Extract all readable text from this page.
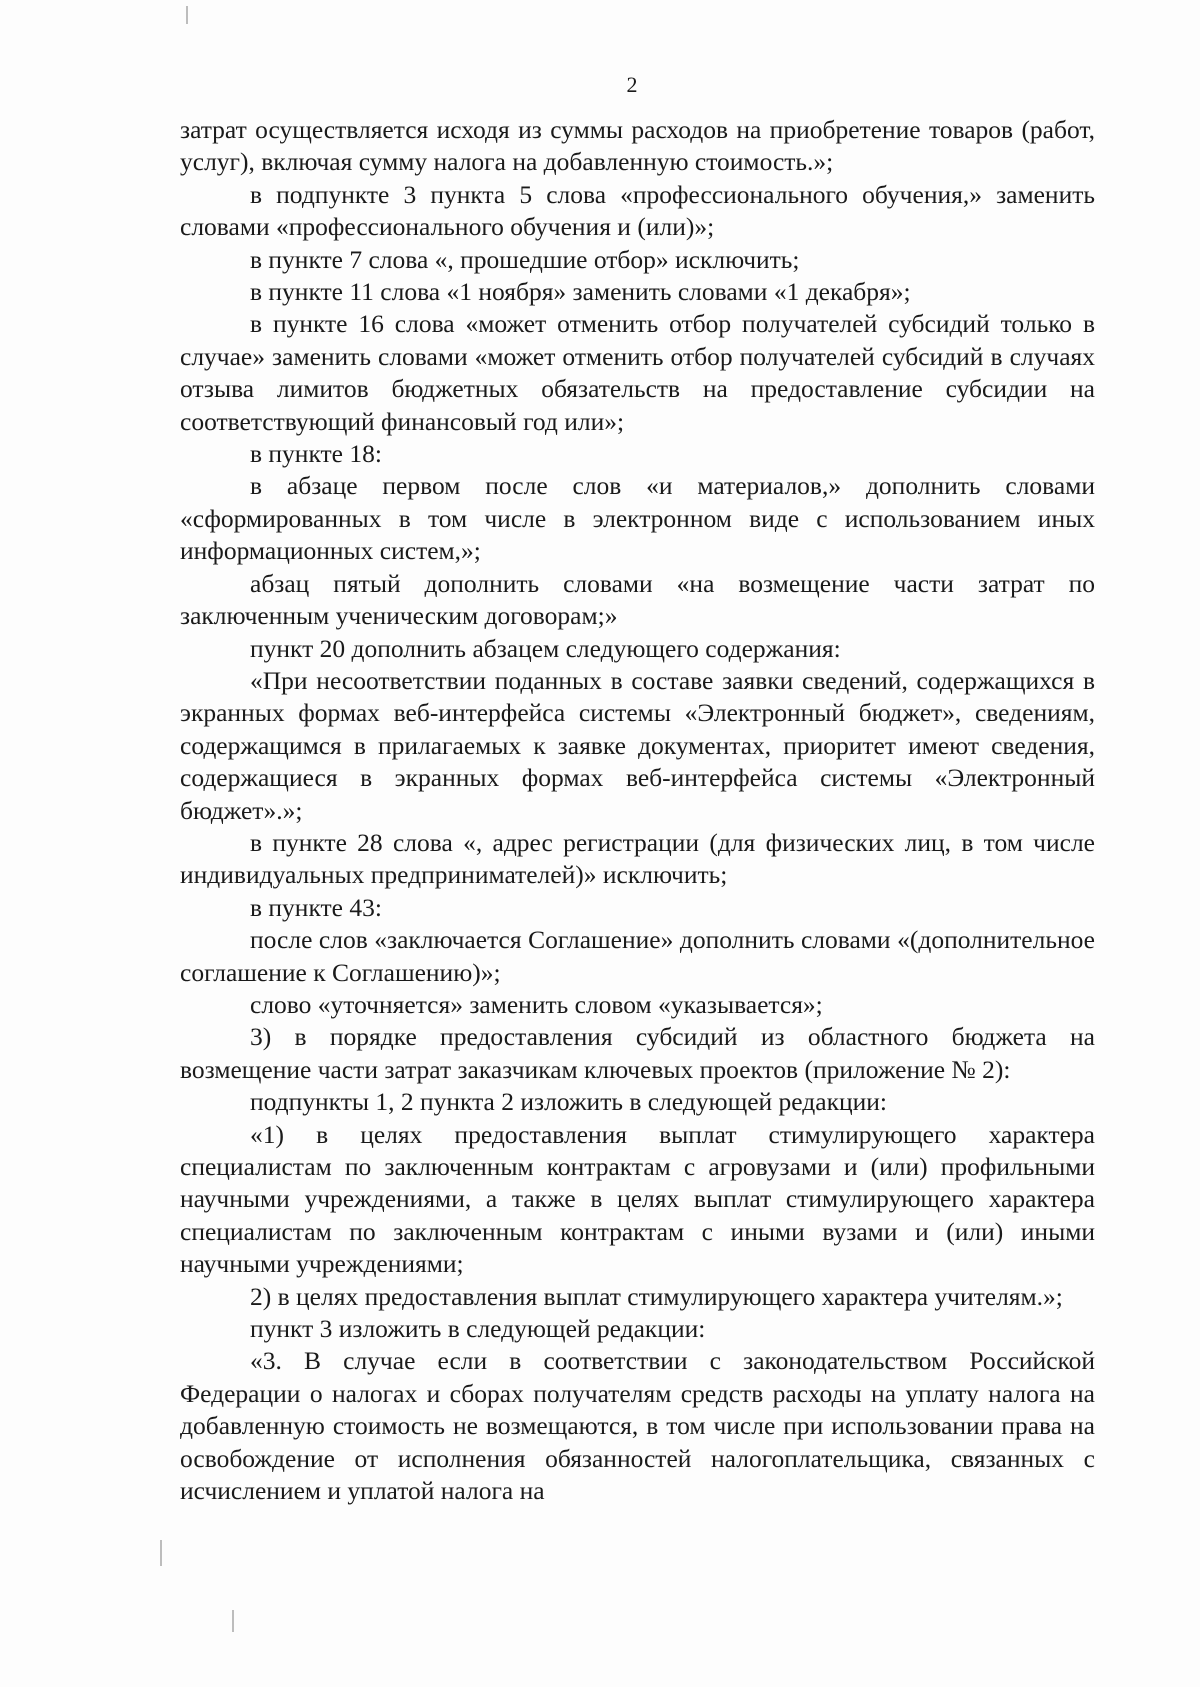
2

затрат осуществляется исходя из суммы расходов на приобретение товаров (работ, услуг), включая сумму налога на добавленную стоимость.»;

в подпункте 3 пункта 5 слова «профессионального обучения,» заменить словами «профессионального обучения и (или)»;

в пункте 7 слова «, прошедшие отбор» исключить;

в пункте 11 слова «1 ноября» заменить словами «1 декабря»;

в пункте 16 слова «может отменить отбор получателей субсидий только в случае» заменить словами «может отменить отбор получателей субсидий в случаях отзыва лимитов бюджетных обязательств на предоставление субсидии на соответствующий финансовый год или»;

в пункте 18:

в абзаце первом после слов «и материалов,» дополнить словами «сформированных в том числе в электронном виде с использованием иных информационных систем,»;

абзац пятый дополнить словами «на возмещение части затрат по заключенным ученическим договорам;»

пункт 20 дополнить абзацем следующего содержания:

«При несоответствии поданных в составе заявки сведений, содержащихся в экранных формах веб-интерфейса системы «Электронный бюджет», сведениям, содержащимся в прилагаемых к заявке документах, приоритет имеют сведения, содержащиеся в экранных формах веб-интерфейса системы «Электронный бюджет».»;

в пункте 28 слова «, адрес регистрации (для физических лиц, в том числе индивидуальных предпринимателей)» исключить;

в пункте 43:

после слов «заключается Соглашение» дополнить словами «(дополнительное соглашение к Соглашению)»;

слово «уточняется» заменить словом «указывается»;

3) в порядке предоставления субсидий из областного бюджета на возмещение части затрат заказчикам ключевых проектов (приложение № 2):

подпункты 1, 2 пункта 2 изложить в следующей редакции:

«1) в целях предоставления выплат стимулирующего характера специалистам по заключенным контрактам с агровузами и (или) профильными научными учреждениями, а также в целях выплат стимулирующего характера специалистам по заключенным контрактам с иными вузами и (или) иными научными учреждениями;

2) в целях предоставления выплат стимулирующего характера учителям.»;

пункт 3 изложить в следующей редакции:

«3. В случае если в соответствии с законодательством Российской Федерации о налогах и сборах получателям средств расходы на уплату налога на добавленную стоимость не возмещаются, в том числе при использовании права на освобождение от исполнения обязанностей налогоплательщика, связанных с исчислением и уплатой налога на
